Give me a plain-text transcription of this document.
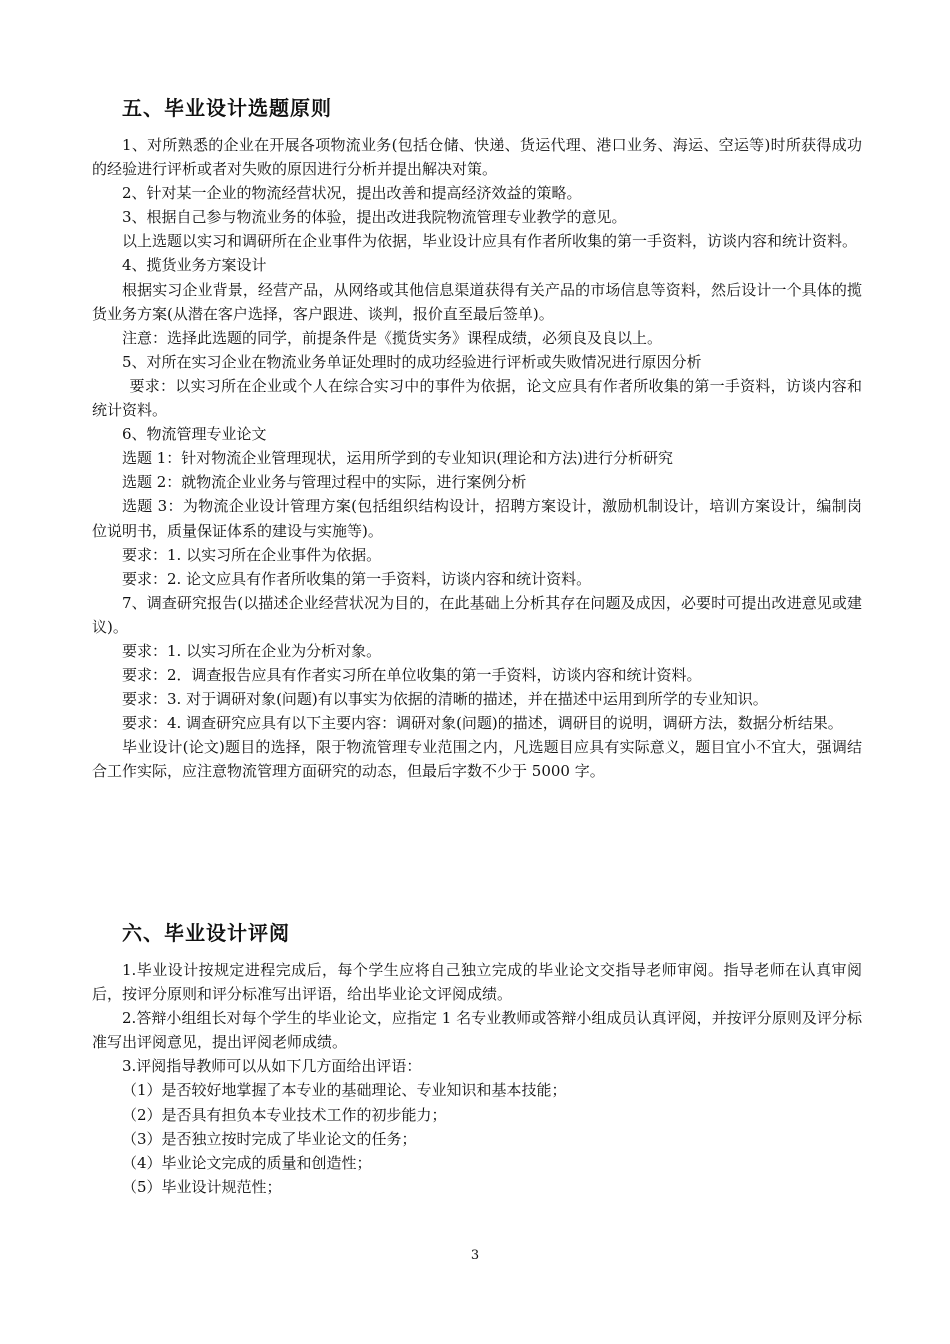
五、毕业设计选题原则

1、对所熟悉的企业在开展各项物流业务(包括仓储、快递、货运代理、港口业务、海运、空运等)时所获得成功的经验进行评析或者对失败的原因进行分析并提出解决对策。

2、针对某一企业的物流经营状况，提出改善和提高经济效益的策略。

3、根据自己参与物流业务的体验，提出改进我院物流管理专业教学的意见。

以上选题以实习和调研所在企业事件为依据，毕业设计应具有作者所收集的第一手资料，访谈内容和统计资料。

4、揽货业务方案设计

根据实习企业背景，经营产品，从网络或其他信息渠道获得有关产品的市场信息等资料，然后设计一个具体的揽货业务方案(从潜在客户选择，客户跟进、谈判，报价直至最后签单)。

注意：选择此选题的同学，前提条件是《揽货实务》课程成绩，必须良及良以上。

5、对所在实习企业在物流业务单证处理时的成功经验进行评析或失败情况进行原因分析

要求：以实习所在企业或个人在综合实习中的事件为依据，论文应具有作者所收集的第一手资料，访谈内容和统计资料。

6、物流管理专业论文

选题 1：针对物流企业管理现状，运用所学到的专业知识(理论和方法)进行分析研究

选题 2：就物流企业业务与管理过程中的实际，进行案例分析

选题 3：为物流企业设计管理方案(包括组织结构设计，招聘方案设计，激励机制设计，培训方案设计，编制岗位说明书，质量保证体系的建设与实施等)。

要求：1. 以实习所在企业事件为依据。

要求：2. 论文应具有作者所收集的第一手资料，访谈内容和统计资料。

7、调查研究报告(以描述企业经营状况为目的，在此基础上分析其存在问题及成因，必要时可提出改进意见或建议)。

要求：1. 以实习所在企业为分析对象。

要求：2．调查报告应具有作者实习所在单位收集的第一手资料，访谈内容和统计资料。

要求：3. 对于调研对象(问题)有以事实为依据的清晰的描述，并在描述中运用到所学的专业知识。

要求：4. 调查研究应具有以下主要内容：调研对象(问题)的描述，调研目的说明，调研方法，数据分析结果。

毕业设计(论文)题目的选择，限于物流管理专业范围之内，凡选题目应具有实际意义，题目宜小不宜大，强调结合工作实际，应注意物流管理方面研究的动态，但最后字数不少于 5000 字。

六、毕业设计评阅

1.毕业设计按规定进程完成后，每个学生应将自己独立完成的毕业论文交指导老师审阅。指导老师在认真审阅后，按评分原则和评分标准写出评语，给出毕业论文评阅成绩。

2.答辩小组组长对每个学生的毕业论文，应指定 1 名专业教师或答辩小组成员认真评阅，并按评分原则及评分标准写出评阅意见，提出评阅老师成绩。

3.评阅指导教师可以从如下几方面给出评语：

（1）是否较好地掌握了本专业的基础理论、专业知识和基本技能；

（2）是否具有担负本专业技术工作的初步能力；

（3）是否独立按时完成了毕业论文的任务；

（4）毕业论文完成的质量和创造性；

（5）毕业设计规范性；

3
